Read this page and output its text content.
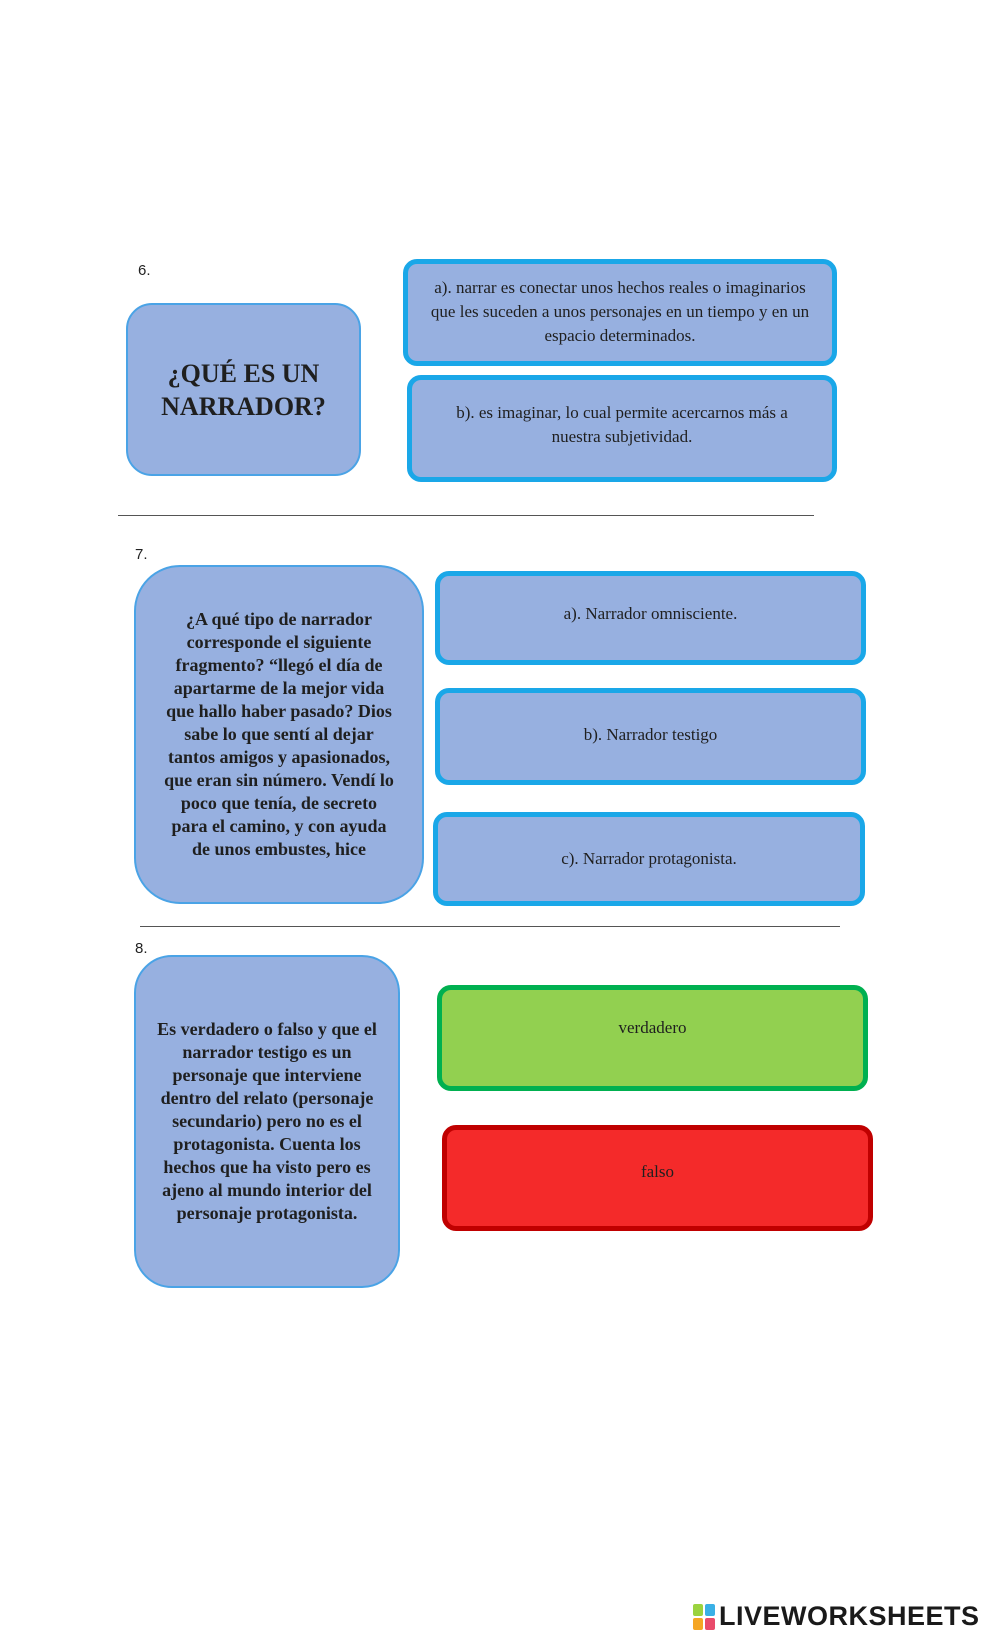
6.
¿QUÉ ES UN NARRADOR?
a). narrar es conectar unos hechos reales o imaginarios que les suceden a unos personajes en un tiempo y en un espacio determinados.
b). es imaginar, lo cual permite acercarnos más a nuestra subjetividad.
7.
¿A qué tipo de narrador corresponde el siguiente fragmento? “llegó el día de apartarme de la mejor vida que hallo haber pasado? Dios sabe lo que sentí al dejar tantos amigos y apasionados, que eran sin número. Vendí lo poco que tenía, de secreto para el camino, y con ayuda de unos embustes, hice
a). Narrador omnisciente.
b). Narrador testigo
c). Narrador protagonista.
8.
Es verdadero o falso y que el narrador testigo es un personaje que interviene dentro del relato (personaje secundario) pero no es el protagonista. Cuenta los hechos que ha visto pero es ajeno al mundo interior del personaje protagonista.
verdadero
falso
LIVEWORKSHEETS
